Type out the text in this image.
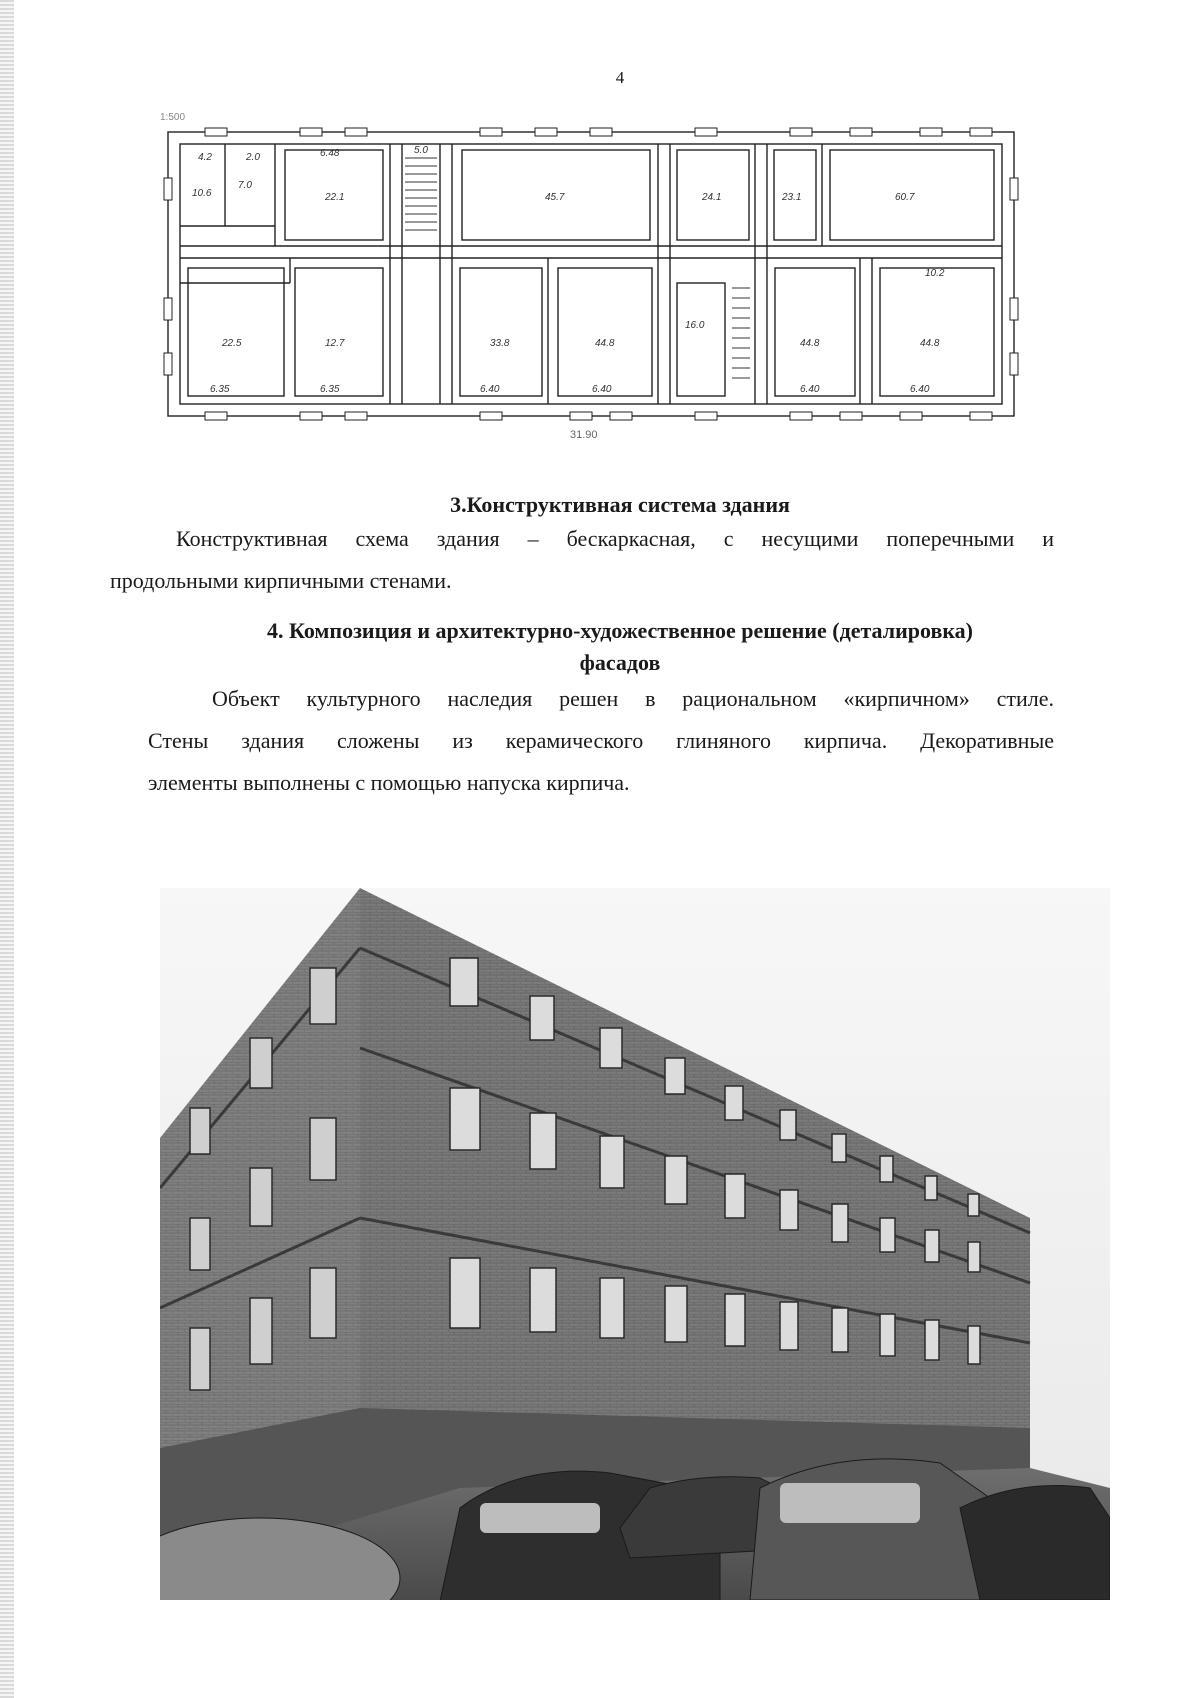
4
1:500
31.90
10.6
7.0
4.2	2.0
22.1
5.0
45.7	24.1	23.1	60.7
22.5	12.7	33.8	44.8
16.0
44.8	44.8
10.2
6.48
6.40
6.35	6.35	6.40	6.40	6.40
3.Конструктивная система здания
Конструктивная схема здания – бескаркасная, с несущими поперечными и
продольными кирпичными стенами.
4. Композиция и архитектурно-художественное решение (деталировка)
фасадов
Объект культурного наследия решен в рациональном «кирпичном» стиле.
Стены здания сложены из керамического глиняного кирпича. Декоративные
элементы выполнены с помощью напуска кирпича.
